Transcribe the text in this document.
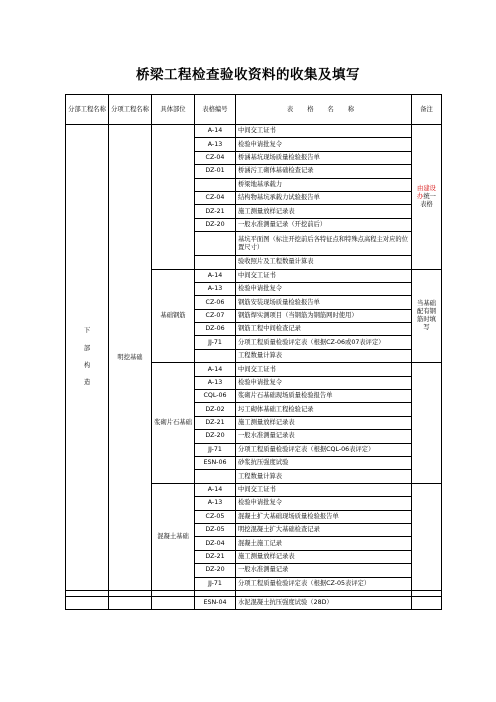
桥梁工程检查验收资料的收集及填写
分部工程名称	分项工程名称	具体部位	表格编号	表 格 名 称	备注

下
部
构
造	明挖基础		A-14	中间交工证书	由建设办统一表格
			A-13	检验申请批复令	
			CZ-04	桥涵基坑现场质量检验报告单	
			DZ-01	桥涵污工砌体基础检查记录	
				桥梁地基承载力	
			CZ-04	结构物基坑承载力试验报告单	
			DZ-21	施工测量放样记录表	
			DZ-20	一般水准测量记录（开挖前后）	
				基坑平面图（标注开挖前后各特征点和特殊点高程主对应的位置尺寸）	
				验收照片及工程数量计算表	
		基础钢筋	A-14	中间交工证书	当基础配有钢筋时填写
			A-13	检验申请批复令	
			CZ-06	钢筋安装现场质量检验报告单	
			CZ-07	钢筋焊实测项目（当钢筋为钢筋网时使用）	
			DZ-06	钢筋工程中间检查记录	
			JJ-71	分项工程质量检验评定表（根据CZ-06或07表评定）	
				工程数量计算表	
		浆砌片石基础	A-14	中间交工证书	
			A-13	检验申请批复令	
			CQL-06	浆砌片石基础现场质量检验报告单	
			DZ-02	圬工砌体基础工程检验记录	
			DZ-21	施工测量放样记录表	
			DZ-20	一般水准测量记录表	
			JJ-71	分项工程质量检验评定表（根据CQL-06表评定）	
			ESN-06	砂浆抗压强度试验	
				工程数量计算表	
		混凝土基础	A-14	中间交工证书	
			A-13	检验申请批复令	
			CZ-05	混凝土扩大基础现场质量检验报告单	
			DZ-05	明挖混凝土扩大基础检查记录	
			DZ-04	混凝土施工记录	
			DZ-21	施工测量放样记录表	
			DZ-20	一般水准测量记录	
			JJ-71	分项工程质量检验评定表（根据CZ-05表评定）	

			ESN-04	水泥混凝土抗压强度试验（28D）	
